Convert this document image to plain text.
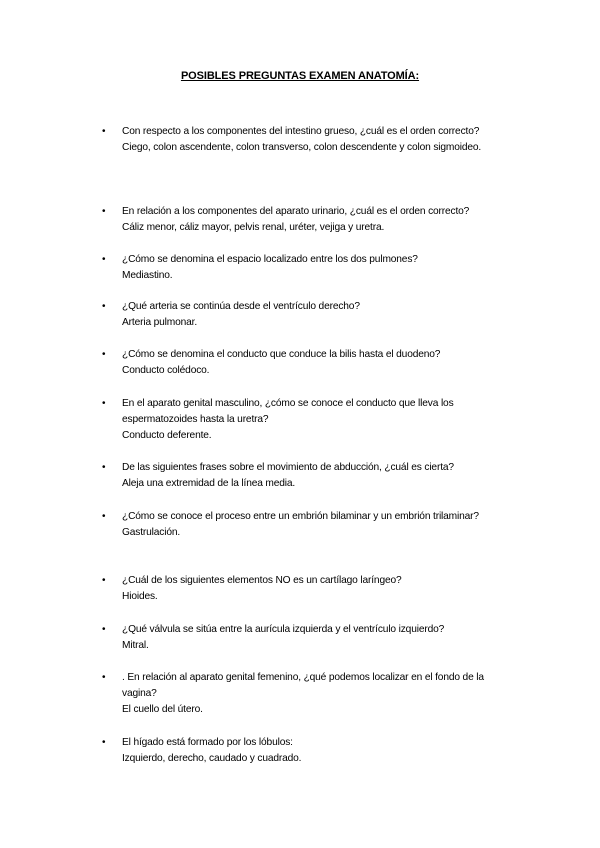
POSIBLES PREGUNTAS EXAMEN ANATOMÍA:
•	Con respecto a los componentes del intestino grueso, ¿cuál es el orden correcto?
Ciego, colon ascendente, colon transverso, colon descendente y colon sigmoideo.
•	En relación a los componentes del aparato urinario, ¿cuál es el orden correcto?
Cáliz menor, cáliz mayor, pelvis renal, uréter, vejiga y uretra.
•	¿Cómo se denomina el espacio localizado entre los dos pulmones?
Mediastino.
•	¿Qué arteria se continúa desde el ventrículo derecho?
Arteria pulmonar.
•	¿Cómo se denomina el conducto que conduce la bilis hasta el duodeno?
Conducto colédoco.
•	En el aparato genital masculino, ¿cómo se conoce el conducto que lleva los espermatozoides hasta la uretra?
Conducto deferente.
•	De las siguientes frases sobre el movimiento de abducción, ¿cuál es cierta?
Aleja una extremidad de la línea media.
•	¿Cómo se conoce el proceso entre un embrión bilaminar y un embrión trilaminar?
Gastrulación.
•	¿Cuál de los siguientes elementos NO es un cartílago laríngeo?
Hioides.
•	¿Qué válvula se sitúa entre la aurícula izquierda y el ventrículo izquierdo?
Mitral.
•	. En relación al aparato genital femenino, ¿qué podemos localizar en el fondo de la vagina?
El cuello del útero.
•	El hígado está formado por los lóbulos:
Izquierdo, derecho, caudado y cuadrado.
